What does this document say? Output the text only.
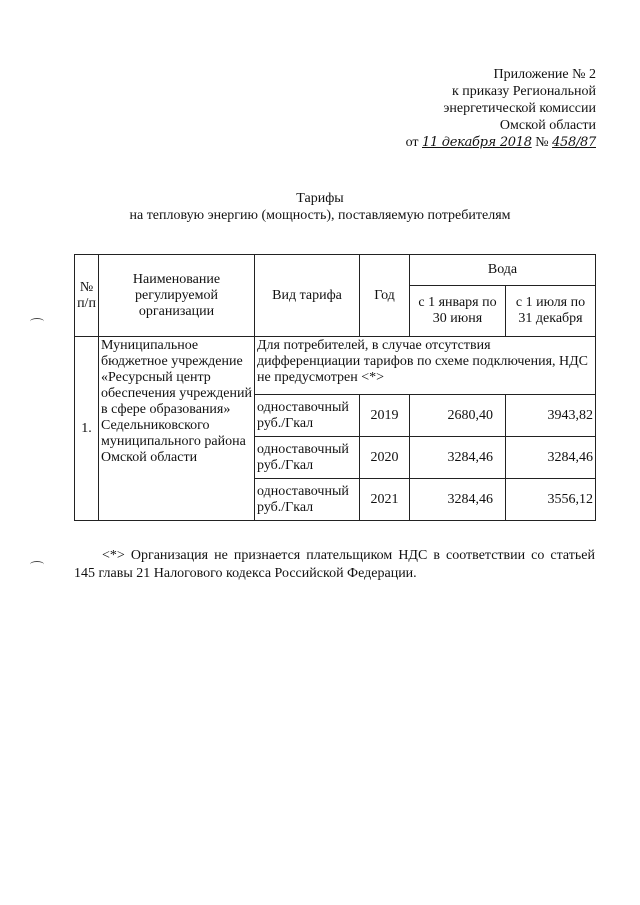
Приложение № 2
к приказу Региональной
энергетической комиссии
Омской области
от 11 декабря 2018 № 458/87
Тарифы
на тепловую энергию (мощность), поставляемую потребителям
№ п/п	Наименование регулируемой организации	Вид тарифа	Год	Вода	
				с 1 января по 30 июня	с 1 июля по 31 декабря
1.	Муниципальное бюджетное учреждение «Ресурсный центр обеспечения учреждений в сфере образования» Седельниковского муниципального района Омской области	Для потребителей, в случае отсутствия дифференциации тарифов по схеме подключения, НДС не предусмотрен <*>			
		одноставочный руб./Гкал	2019	2680,40	3943,82
		одноставочный руб./Гкал	2020	3284,46	3284,46
		одноставочный руб./Гкал	2021	3284,46	3556,12
<*> Организация не признается плательщиком НДС в соответствии со статьей 145 главы 21 Налогового кодекса Российской Федерации.
